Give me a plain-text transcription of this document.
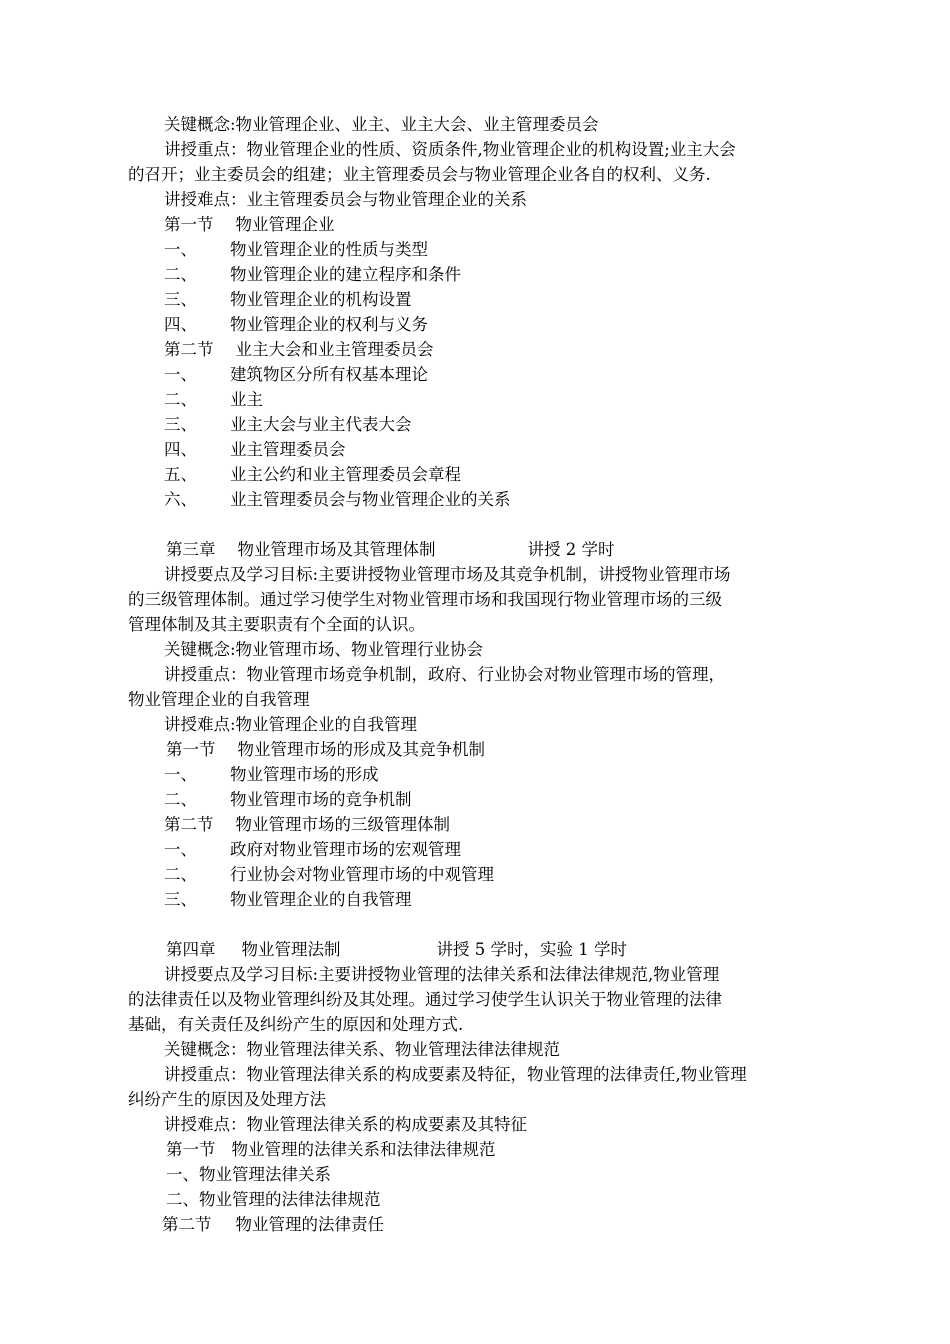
关键概念:物业管理企业、业主、业主大会、业主管理委员会
讲授重点：物业管理企业的性质、资质条件,物业管理企业的机构设置;业主大会
的召开；业主委员会的组建；业主管理委员会与物业管理企业各自的权利、义务.
讲授难点：业主管理委员会与物业管理企业的关系
第一节 物业管理企业
一、 物业管理企业的性质与类型
二、 物业管理企业的建立程序和条件
三、 物业管理企业的机构设置
四、 物业管理企业的权利与义务
第二节 业主大会和业主管理委员会
一、 建筑物区分所有权基本理论
二、 业主
三、 业主大会与业主代表大会
四、 业主管理委员会
五、 业主公约和业主管理委员会章程
六、 业主管理委员会与物业管理企业的关系
第三章 物业管理市场及其管理体制	讲授 2 学时
讲授要点及学习目标:主要讲授物业管理市场及其竞争机制，讲授物业管理市场
的三级管理体制。通过学习使学生对物业管理市场和我国现行物业管理市场的三级
管理体制及其主要职责有个全面的认识。
关键概念:物业管理市场、物业管理行业协会
讲授重点：物业管理市场竞争机制，政府、行业协会对物业管理市场的管理，
物业管理企业的自我管理
讲授难点:物业管理企业的自我管理
第一节 物业管理市场的形成及其竞争机制
一、 物业管理市场的形成
二、 物业管理市场的竞争机制
第二节 物业管理市场的三级管理体制
一、 政府对物业管理市场的宏观管理
二、 行业协会对物业管理市场的中观管理
三、 物业管理企业的自我管理
第四章 物业管理法制	讲授 5 学时，实验 1 学时
讲授要点及学习目标:主要讲授物业管理的法律关系和法律法律规范,物业管理
的法律责任以及物业管理纠纷及其处理。通过学习使学生认识关于物业管理的法律
基础，有关责任及纠纷产生的原因和处理方式.
关键概念：物业管理法律关系、物业管理法律法律规范
讲授重点：物业管理法律关系的构成要素及特征，物业管理的法律责任,物业管理
纠纷产生的原因及处理方法
讲授难点：物业管理法律关系的构成要素及其特征
第一节 物业管理的法律关系和法律法律规范
一、物业管理法律关系
二、物业管理的法律法律规范
第二节 物业管理的法律责任
